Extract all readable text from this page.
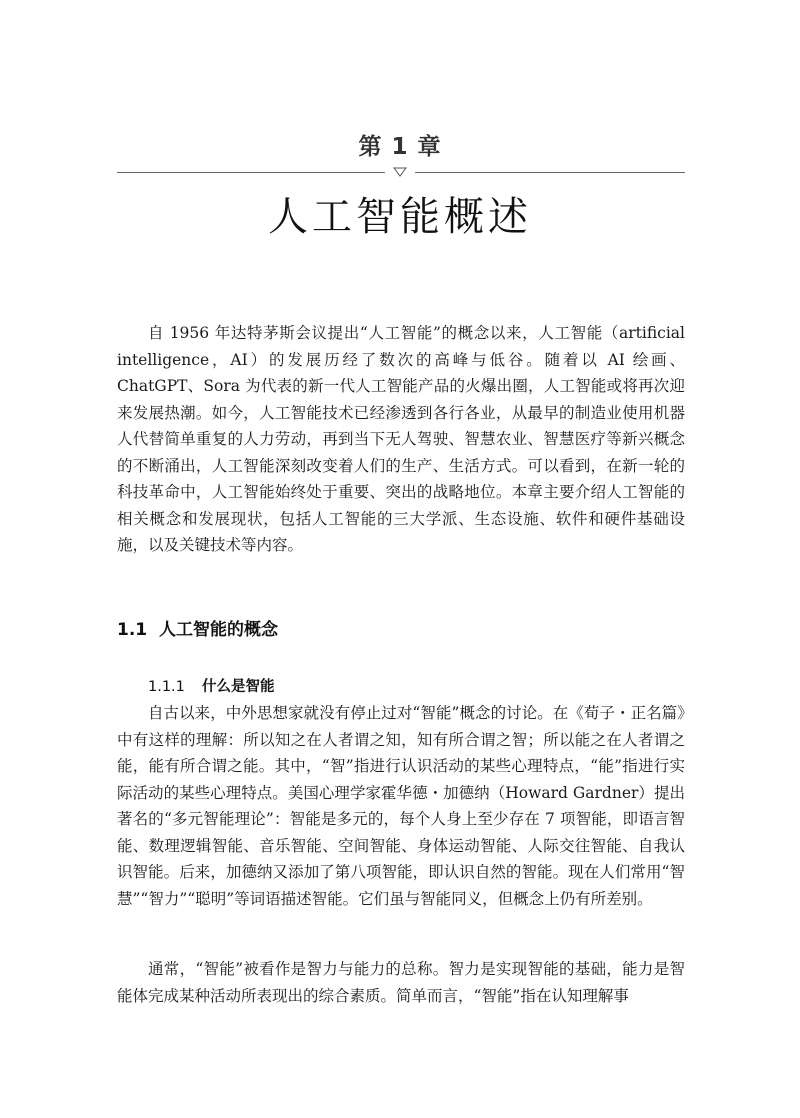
第 1 章
人工智能概述

自 1956 年达特茅斯会议提出“人工智能”的概念以来，人工智能（artificial intelligence，AI）的发展历经了数次的高峰与低谷。随着以 AI 绘画、ChatGPT、Sora 为代表的新一代人工智能产品的火爆出圈，人工智能或将再次迎来发展热潮。如今，人工智能技术已经渗透到各行各业，从最早的制造业使用机器人代替简单重复的人力劳动，再到当下无人驾驶、智慧农业、智慧医疗等新兴概念的不断涌出，人工智能深刻改变着人们的生产、生活方式。可以看到，在新一轮的科技革命中，人工智能始终处于重要、突出的战略地位。本章主要介绍人工智能的相关概念和发展现状，包括人工智能的三大学派、生态设施、软件和硬件基础设施，以及关键技术等内容。

1.1 人工智能的概念
1.1.1 什么是智能

自古以来，中外思想家就没有停止过对“智能”概念的讨论。在《荀子・正名篇》中有这样的理解：所以知之在人者谓之知，知有所合谓之智；所以能之在人者谓之能，能有所合谓之能。其中，“智”指进行认识活动的某些心理特点，“能”指进行实际活动的某些心理特点。美国心理学家霍华德・加德纳（Howard Gardner）提出著名的“多元智能理论”：智能是多元的，每个人身上至少存在 7 项智能，即语言智能、数理逻辑智能、音乐智能、空间智能、身体运动智能、人际交往智能、自我认识智能。后来，加德纳又添加了第八项智能，即认识自然的智能。现在人们常用“智慧”“智力”“聪明”等词语描述智能。它们虽与智能同义，但概念上仍有所差别。

通常，“智能”被看作是智力与能力的总称。智力是实现智能的基础，能力是智能体完成某种活动所表现出的综合素质。简单而言，“智能”指在认知理解事
